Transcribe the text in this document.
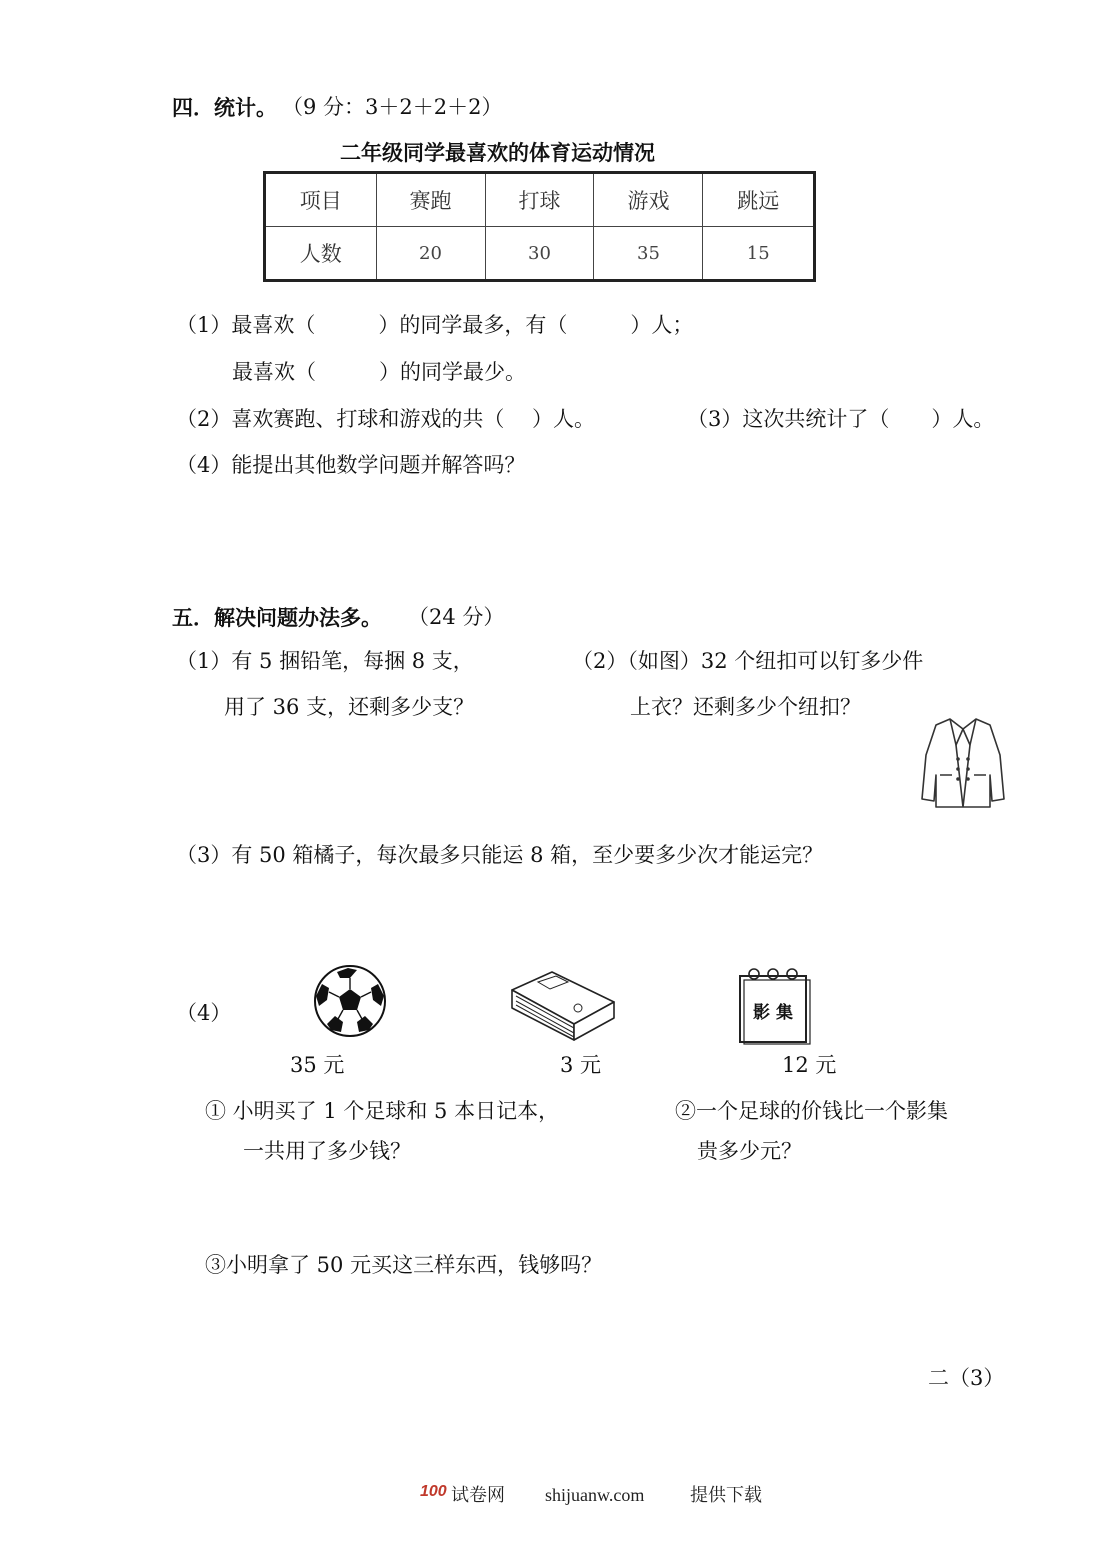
四．统计。 （9 分：3＋2＋2＋2）
二年级同学最喜欢的体育运动情况
项目	赛跑	打球	游戏	跳远
人数	20	30	35	15
（1）最喜欢（　　　）的同学最多，有（　　　）人；
最喜欢（　　　）的同学最少。
（2）喜欢赛跑、打球和游戏的共（　 ）人。	（3）这次共统计了（　　）人。
（4）能提出其他数学问题并解答吗？
五．解决问题办法多。 （24 分）
（1）有 5 捆铅笔，每捆 8 支，
用了 36 支，还剩多少支？
（2）（如图）32 个纽扣可以钉多少件
上衣？还剩多少个纽扣？
（3）有 50 箱橘子，每次最多只能运 8 箱，至少要多少次才能运完？
（4）	影 集
35 元	3 元	12 元
① 小明买了 1 个足球和 5 本日记本，
一共用了多少钱？
②一个足球的价钱比一个影集
贵多少元？
③小明拿了 50 元买这三样东西，钱够吗？
二（3）
100 试卷网 shijuanw.com	提供下载
